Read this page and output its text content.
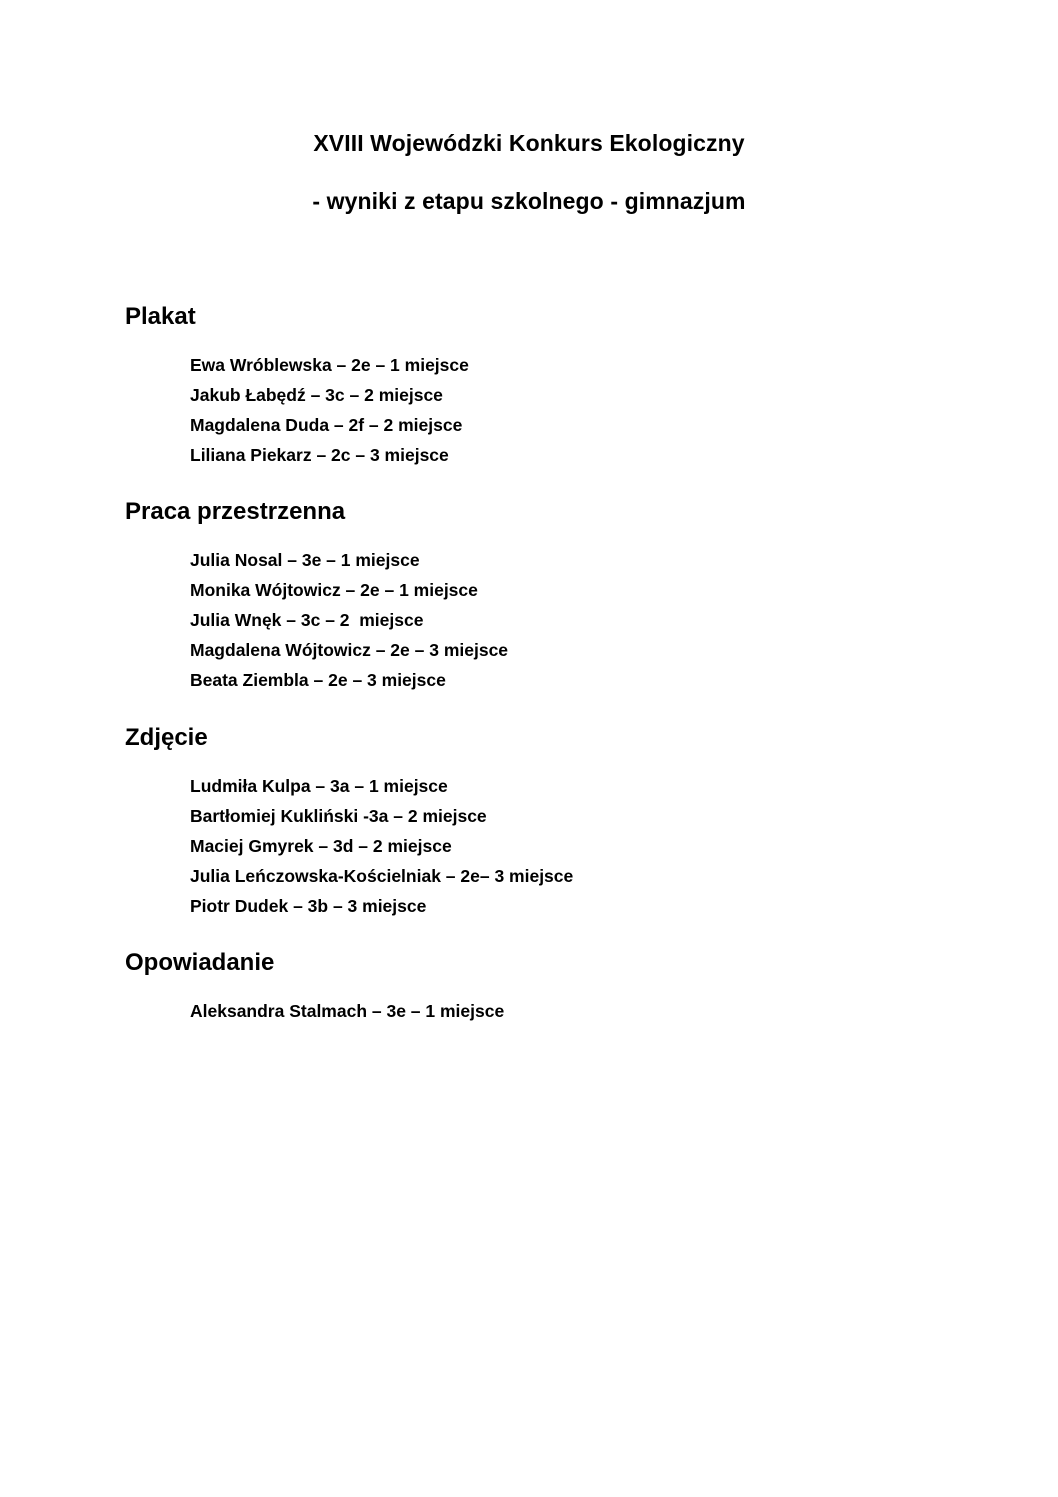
XVIII Wojewódzki Konkurs Ekologiczny
- wyniki z etapu szkolnego - gimnazjum
Plakat
Ewa Wróblewska – 2e – 1 miejsce
Jakub Łabędź – 3c – 2 miejsce
Magdalena Duda – 2f – 2 miejsce
Liliana Piekarz – 2c – 3 miejsce
Praca przestrzenna
Julia Nosal – 3e – 1 miejsce
Monika Wójtowicz – 2e – 1 miejsce
Julia Wnęk – 3c – 2  miejsce
Magdalena Wójtowicz – 2e – 3 miejsce
Beata Ziembla – 2e – 3 miejsce
Zdjęcie
Ludmiła Kulpa – 3a – 1 miejsce
Bartłomiej Kukliński -3a – 2 miejsce
Maciej Gmyrek – 3d – 2 miejsce
Julia Leńczowska-Kościelniak – 2e– 3 miejsce
Piotr Dudek – 3b – 3 miejsce
Opowiadanie
Aleksandra Stalmach – 3e – 1 miejsce
